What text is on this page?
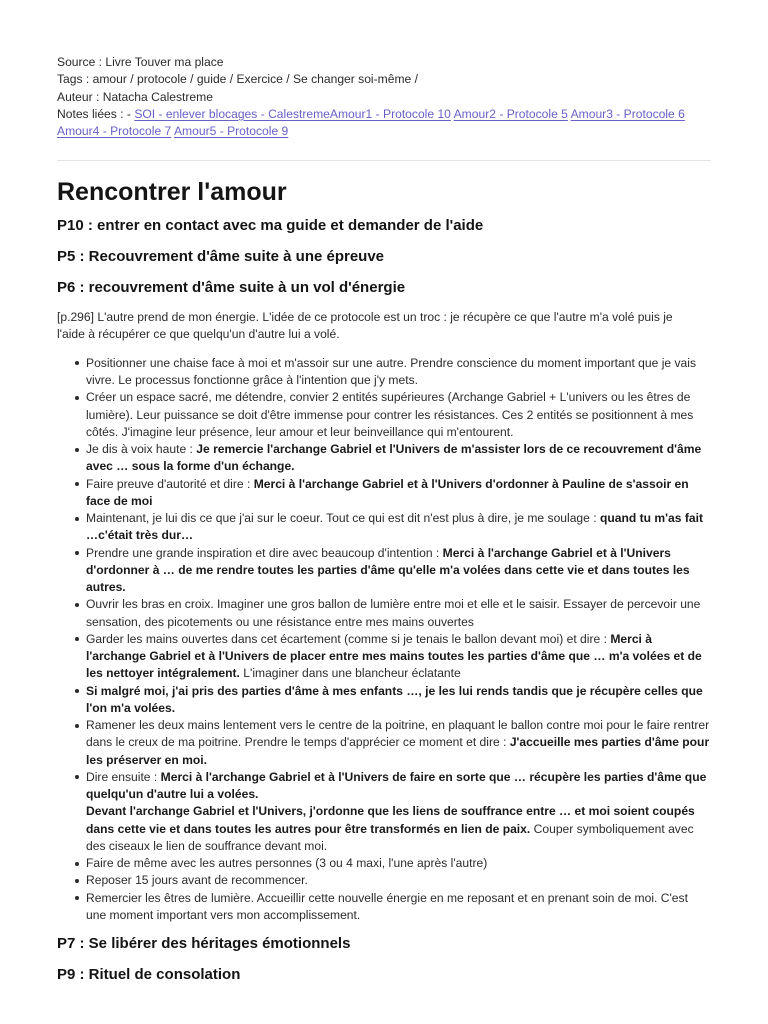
Source : Livre Touver ma place
Tags : amour / protocole / guide / Exercice / Se changer soi-même /
Auteur : Natacha Calestreme
Notes liées : - SOI - enlever blocages - CalestremeAmour1 - Protocole 10 Amour2 - Protocole 5 Amour3 - Protocole 6 Amour4 - Protocole 7 Amour5 - Protocole 9
Rencontrer l'amour
P10 : entrer en contact avec ma guide et demander de l'aide
P5 : Recouvrement d'âme suite à une épreuve
P6 : recouvrement d'âme suite à un vol d'énergie

[p.296] L'autre prend de mon énergie. L'idée de ce protocole est un troc : je récupère ce que l'autre m'a volé puis je l'aide à récupérer ce que quelqu'un d'autre lui a volé.

Positionner une chaise face à moi et m'assoir sur une autre. Prendre conscience du moment important que je vais vivre. Le processus fonctionne grâce à l'intention que j'y mets.
Créer un espace sacré, me détendre, convier 2 entités supérieures (Archange Gabriel + L'univers ou les êtres de lumière). Leur puissance se doit d'être immense pour contrer les résistances. Ces 2 entités se positionnent à mes côtés. J'imagine leur présence, leur amour et leur beinveillance qui m'entourent.
Je dis à voix haute : Je remercie l'archange Gabriel et l'Univers de m'assister lors de ce recouvrement d'âme avec … sous la forme d'un échange.
Faire preuve d'autorité et dire : Merci à l'archange Gabriel et à l'Univers d'ordonner à Pauline de s'assoir en face de moi
Maintenant, je lui dis ce que j'ai sur le coeur. Tout ce qui est dit n'est plus à dire, je me soulage : quand tu m'as fait …c'était très dur…
Prendre une grande inspiration et dire avec beaucoup d'intention : Merci à l'archange Gabriel et à l'Univers d'ordonner à … de me rendre toutes les parties d'âme qu'elle m'a volées dans cette vie et dans toutes les autres.
Ouvrir les bras en croix. Imaginer une gros ballon de lumière entre moi et elle et le saisir. Essayer de percevoir une sensation, des picotements ou une résistance entre mes mains ouvertes
Garder les mains ouvertes dans cet écartement (comme si je tenais le ballon devant moi) et dire : Merci à l'archange Gabriel et à l'Univers de placer entre mes mains toutes les parties d'âme que … m'a volées et de les nettoyer intégralement. L'imaginer dans une blancheur éclatante
Si malgré moi, j'ai pris des parties d'âme à mes enfants …, je les lui rends tandis que je récupère celles que l'on m'a volées.
Ramener les deux mains lentement vers le centre de la poitrine, en plaquant le ballon contre moi pour le faire rentrer dans le creux de ma poitrine. Prendre le temps d'apprécier ce moment et dire : J'accueille mes parties d'âme pour les préserver en moi.
Dire ensuite : Merci à l'archange Gabriel et à l'Univers de faire en sorte que … récupère les parties d'âme que quelqu'un d'autre lui a volées.
Devant l'archange Gabriel et l'Univers, j'ordonne que les liens de souffrance entre … et moi soient coupés dans cette vie et dans toutes les autres pour être transformés en lien de paix. Couper symboliquement avec des ciseaux le lien de souffrance devant moi.
Faire de même avec les autres personnes (3 ou 4 maxi, l'une après l'autre)
Reposer 15 jours avant de recommencer.
Remercier les êtres de lumière. Accueillir cette nouvelle énergie en me reposant et en prenant soin de moi. C'est une moment important vers mon accomplissement.
P7 : Se libérer des héritages émotionnels
P9 : Rituel de consolation
